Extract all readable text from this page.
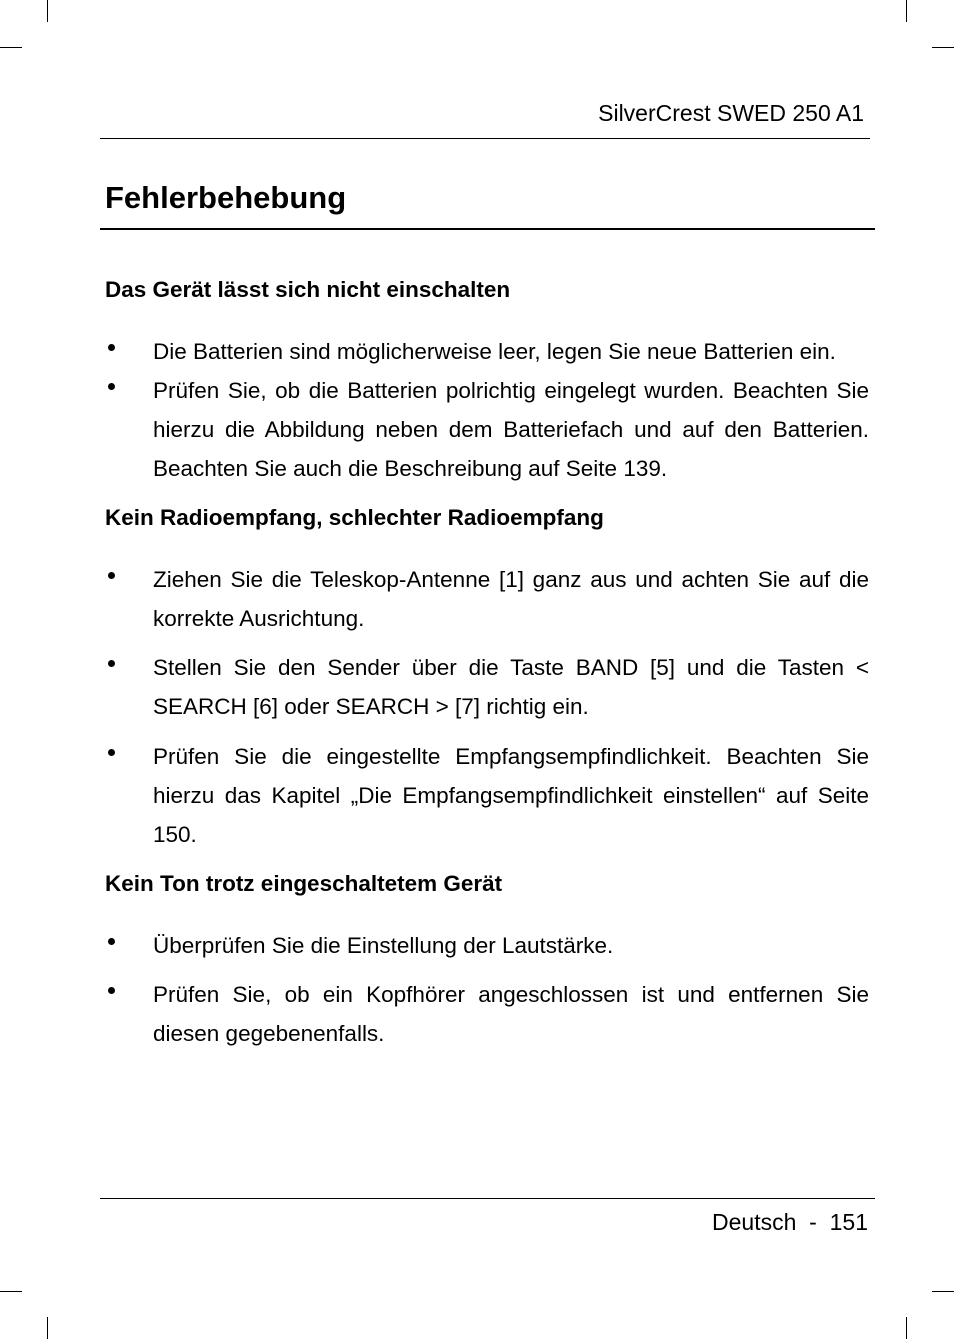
SilverCrest SWED 250 A1
Fehlerbehebung
Das Gerät lässt sich nicht einschalten
Die Batterien sind möglicherweise leer, legen Sie neue Batterien ein.
Prüfen Sie, ob die Batterien polrichtig eingelegt wurden. Beachten Sie hierzu die Abbildung neben dem Batteriefach und auf den Batterien. Beachten Sie auch die Beschreibung auf Seite 139.
Kein Radioempfang, schlechter Radioempfang
Ziehen Sie die Teleskop-Antenne [1] ganz aus und achten Sie auf die korrekte Ausrichtung.
Stellen Sie den Sender über die Taste BAND [5] und die Tasten < SEARCH [6] oder SEARCH > [7] richtig ein.
Prüfen Sie die eingestellte Empfangsempfindlichkeit. Beachten Sie hierzu das Kapitel „Die Empfangsempfindlichkeit einstellen“ auf Seite 150.
Kein Ton trotz eingeschaltetem Gerät
Überprüfen Sie die Einstellung der Lautstärke.
Prüfen Sie, ob ein Kopfhörer angeschlossen ist und entfernen Sie diesen gegebenenfalls.
Deutsch  -  151
